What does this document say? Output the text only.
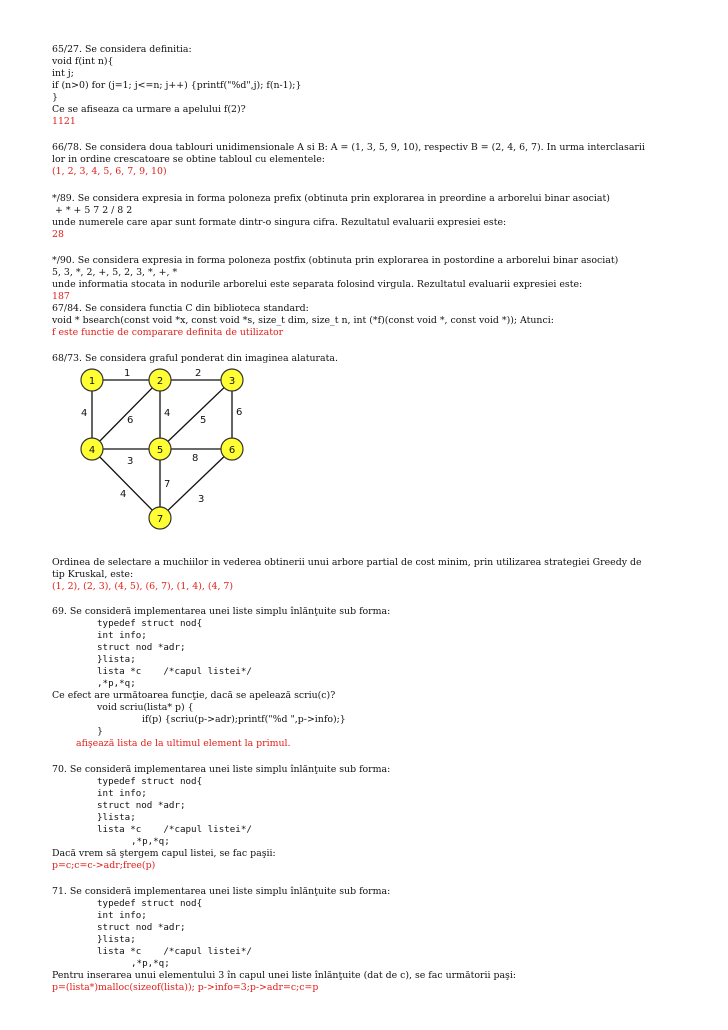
65/27. Se considera definitia:
void f(int n){
int j;
if (n>0) for (j=1; j<=n; j++) {printf("%d",j); f(n-1);}
}
Ce se afiseaza ca urmare a apelului f(2)?
1121
66/78. Se considera doua tablouri unidimensionale A si B: A = (1, 3, 5, 9, 10), respectiv B = (2, 4, 6, 7). In urma interclasarii
lor in ordine crescatoare se obtine tabloul cu elementele:
(1, 2, 3, 4, 5, 6, 7, 9, 10)
*/89. Se considera expresia in forma poloneza prefix (obtinuta prin explorarea in preordine a arborelui binar asociat)
+ * + 5 7 2 / 8 2
unde numerele care apar sunt formate dintr-o singura cifra. Rezultatul evaluarii expresiei este:
28
*/90. Se considera expresia in forma poloneza postfix (obtinuta prin explorarea in postordine a arborelui binar asociat)
5, 3, *, 2, +, 5, 2, 3, *, +, *
unde informatia stocata in nodurile arborelui este separata folosind virgula. Rezultatul evaluarii expresiei este:
187
67/84. Se considera functia C din biblioteca standard:
void * bsearch(const void *x, const void *s, size_t dim, size_t n, int (*f)(const void *, const void *)); Atunci:
f este functie de comparare definita de utilizator
68/73. Se considera graful ponderat din imaginea alaturata.
1	2
4
6
4
5
6
3	8
7
4	3
1	2	3
4	5	6
7
Ordinea de selectare a muchiilor in vederea obtinerii unui arbore partial de cost minim, prin utilizarea strategiei Greedy de
tip Kruskal, este:
(1, 2), (2, 3), (4, 5), (6, 7), (1, 4), (4, 7)
69. Se consideră implementarea unei liste simplu înlănţuite sub forma:
typedef struct nod{
int info;
struct nod *adr;
}lista;
lista *c    /*capul listei*/
,*p,*q;
Ce efect are următoarea funcţie, dacă se apelează scriu(c)?
void scriu(lista* p) {
if(p) {scriu(p->adr);printf("%d ",p->info);}
}
afişează lista de la ultimul element la primul.
70. Se consideră implementarea unei liste simplu înlănţuite sub forma:
typedef struct nod{
int info;
struct nod *adr;
}lista;
lista *c    /*capul listei*/
,*p,*q;
Dacă vrem să ştergem capul listei, se fac paşii:
p=c;c=c->adr;free(p)
71. Se consideră implementarea unei liste simplu înlănţuite sub forma:
typedef struct nod{
int info;
struct nod *adr;
}lista;
lista *c    /*capul listei*/
,*p,*q;
Pentru inserarea unui elementului 3 în capul unei liste înlănţuite (dat de c), se fac următorii paşi:
p=(lista*)malloc(sizeof(lista)); p->info=3;p->adr=c;c=p
